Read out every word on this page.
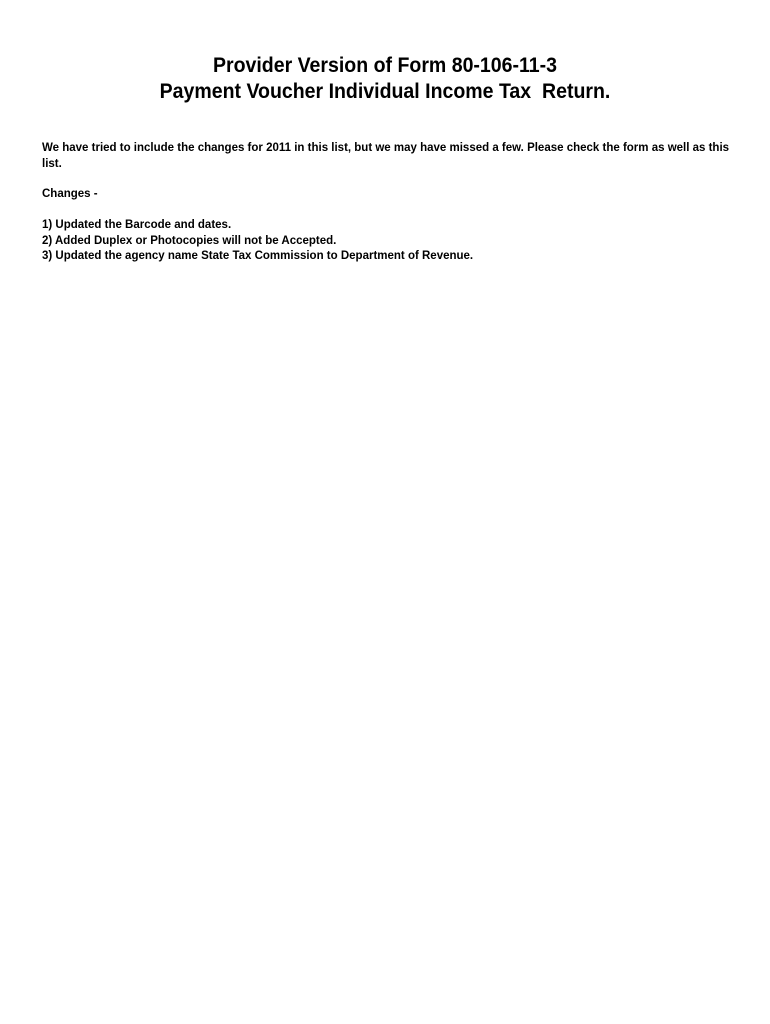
Provider Version of Form 80-106-11-3
Payment Voucher Individual Income Tax  Return.

We have tried to include the changes for 2011 in this list, but we may have missed a few. Please check the form as well as this list.

Changes -

1) Updated the Barcode and dates.
2) Added Duplex or Photocopies will not be Accepted.
3) Updated the agency name State Tax Commission to Department of Revenue.
